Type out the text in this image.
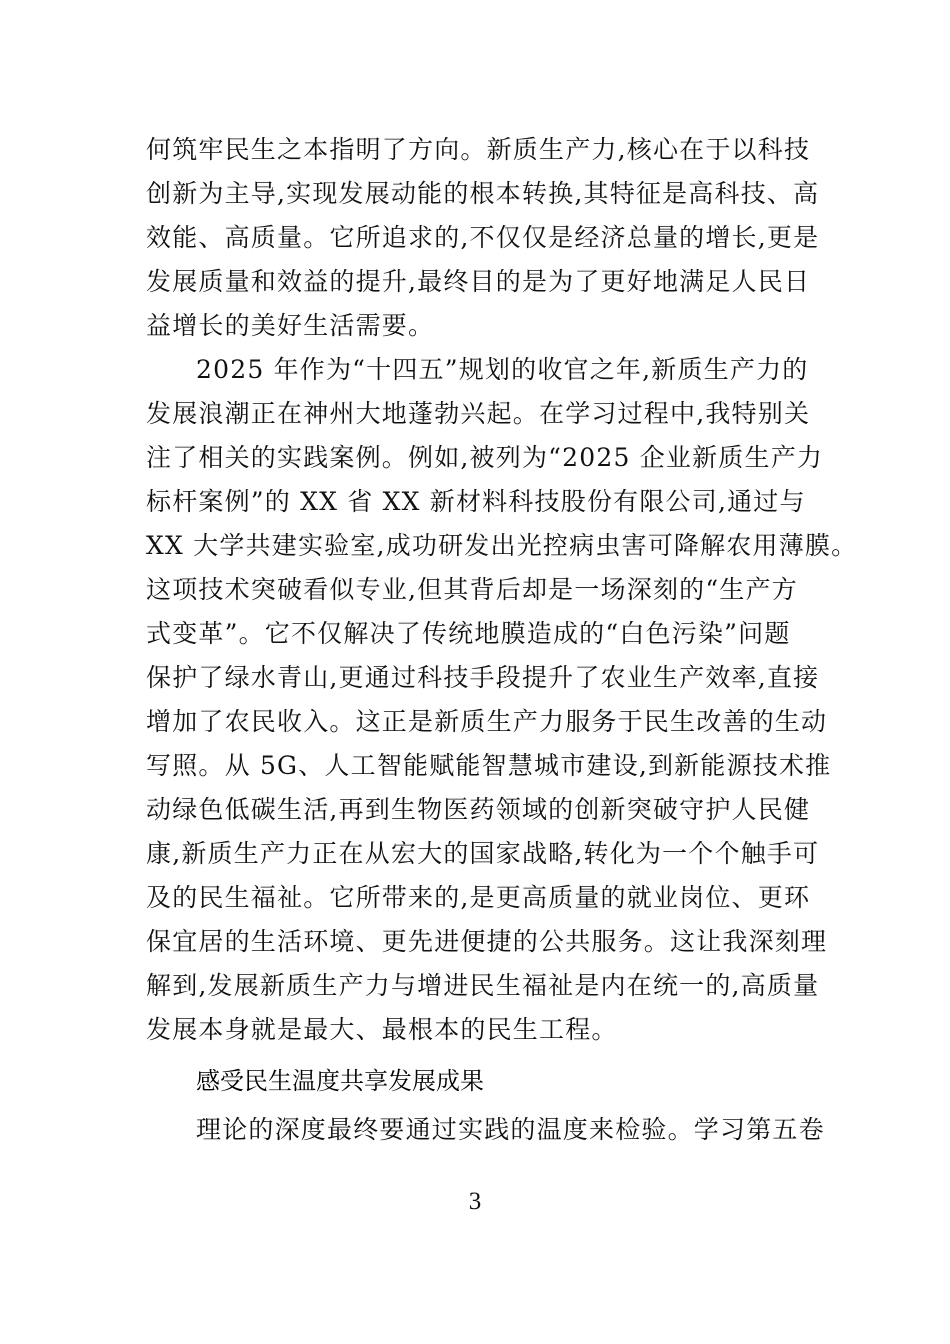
何筑牢民生之本指明了方向。新质生产力,核心在于以科技
创新为主导,实现发展动能的根本转换,其特征是高科技、高
效能、高质量。它所追求的,不仅仅是经济总量的增长,更是
发展质量和效益的提升,最终目的是为了更好地满足人民日
益增长的美好生活需要。
2025 年作为“十四五”规划的收官之年,新质生产力的
发展浪潮正在神州大地蓬勃兴起。在学习过程中,我特别关
注了相关的实践案例。例如,被列为“2025 企业新质生产力
标杆案例”的 XX 省 XX 新材料科技股份有限公司,通过与
XX 大学共建实验室,成功研发出光控病虫害可降解农用薄膜。
这项技术突破看似专业,但其背后却是一场深刻的“生产方
式变革”。它不仅解决了传统地膜造成的“白色污染”问题
保护了绿水青山,更通过科技手段提升了农业生产效率,直接
增加了农民收入。这正是新质生产力服务于民生改善的生动
写照。从 5G、人工智能赋能智慧城市建设,到新能源技术推
动绿色低碳生活,再到生物医药领域的创新突破守护人民健
康,新质生产力正在从宏大的国家战略,转化为一个个触手可
及的民生福祉。它所带来的,是更高质量的就业岗位、更环
保宜居的生活环境、更先进便捷的公共服务。这让我深刻理
解到,发展新质生产力与增进民生福祉是内在统一的,高质量
发展本身就是最大、最根本的民生工程。
感受民生温度共享发展成果
理论的深度最终要通过实践的温度来检验。学习第五卷
3
